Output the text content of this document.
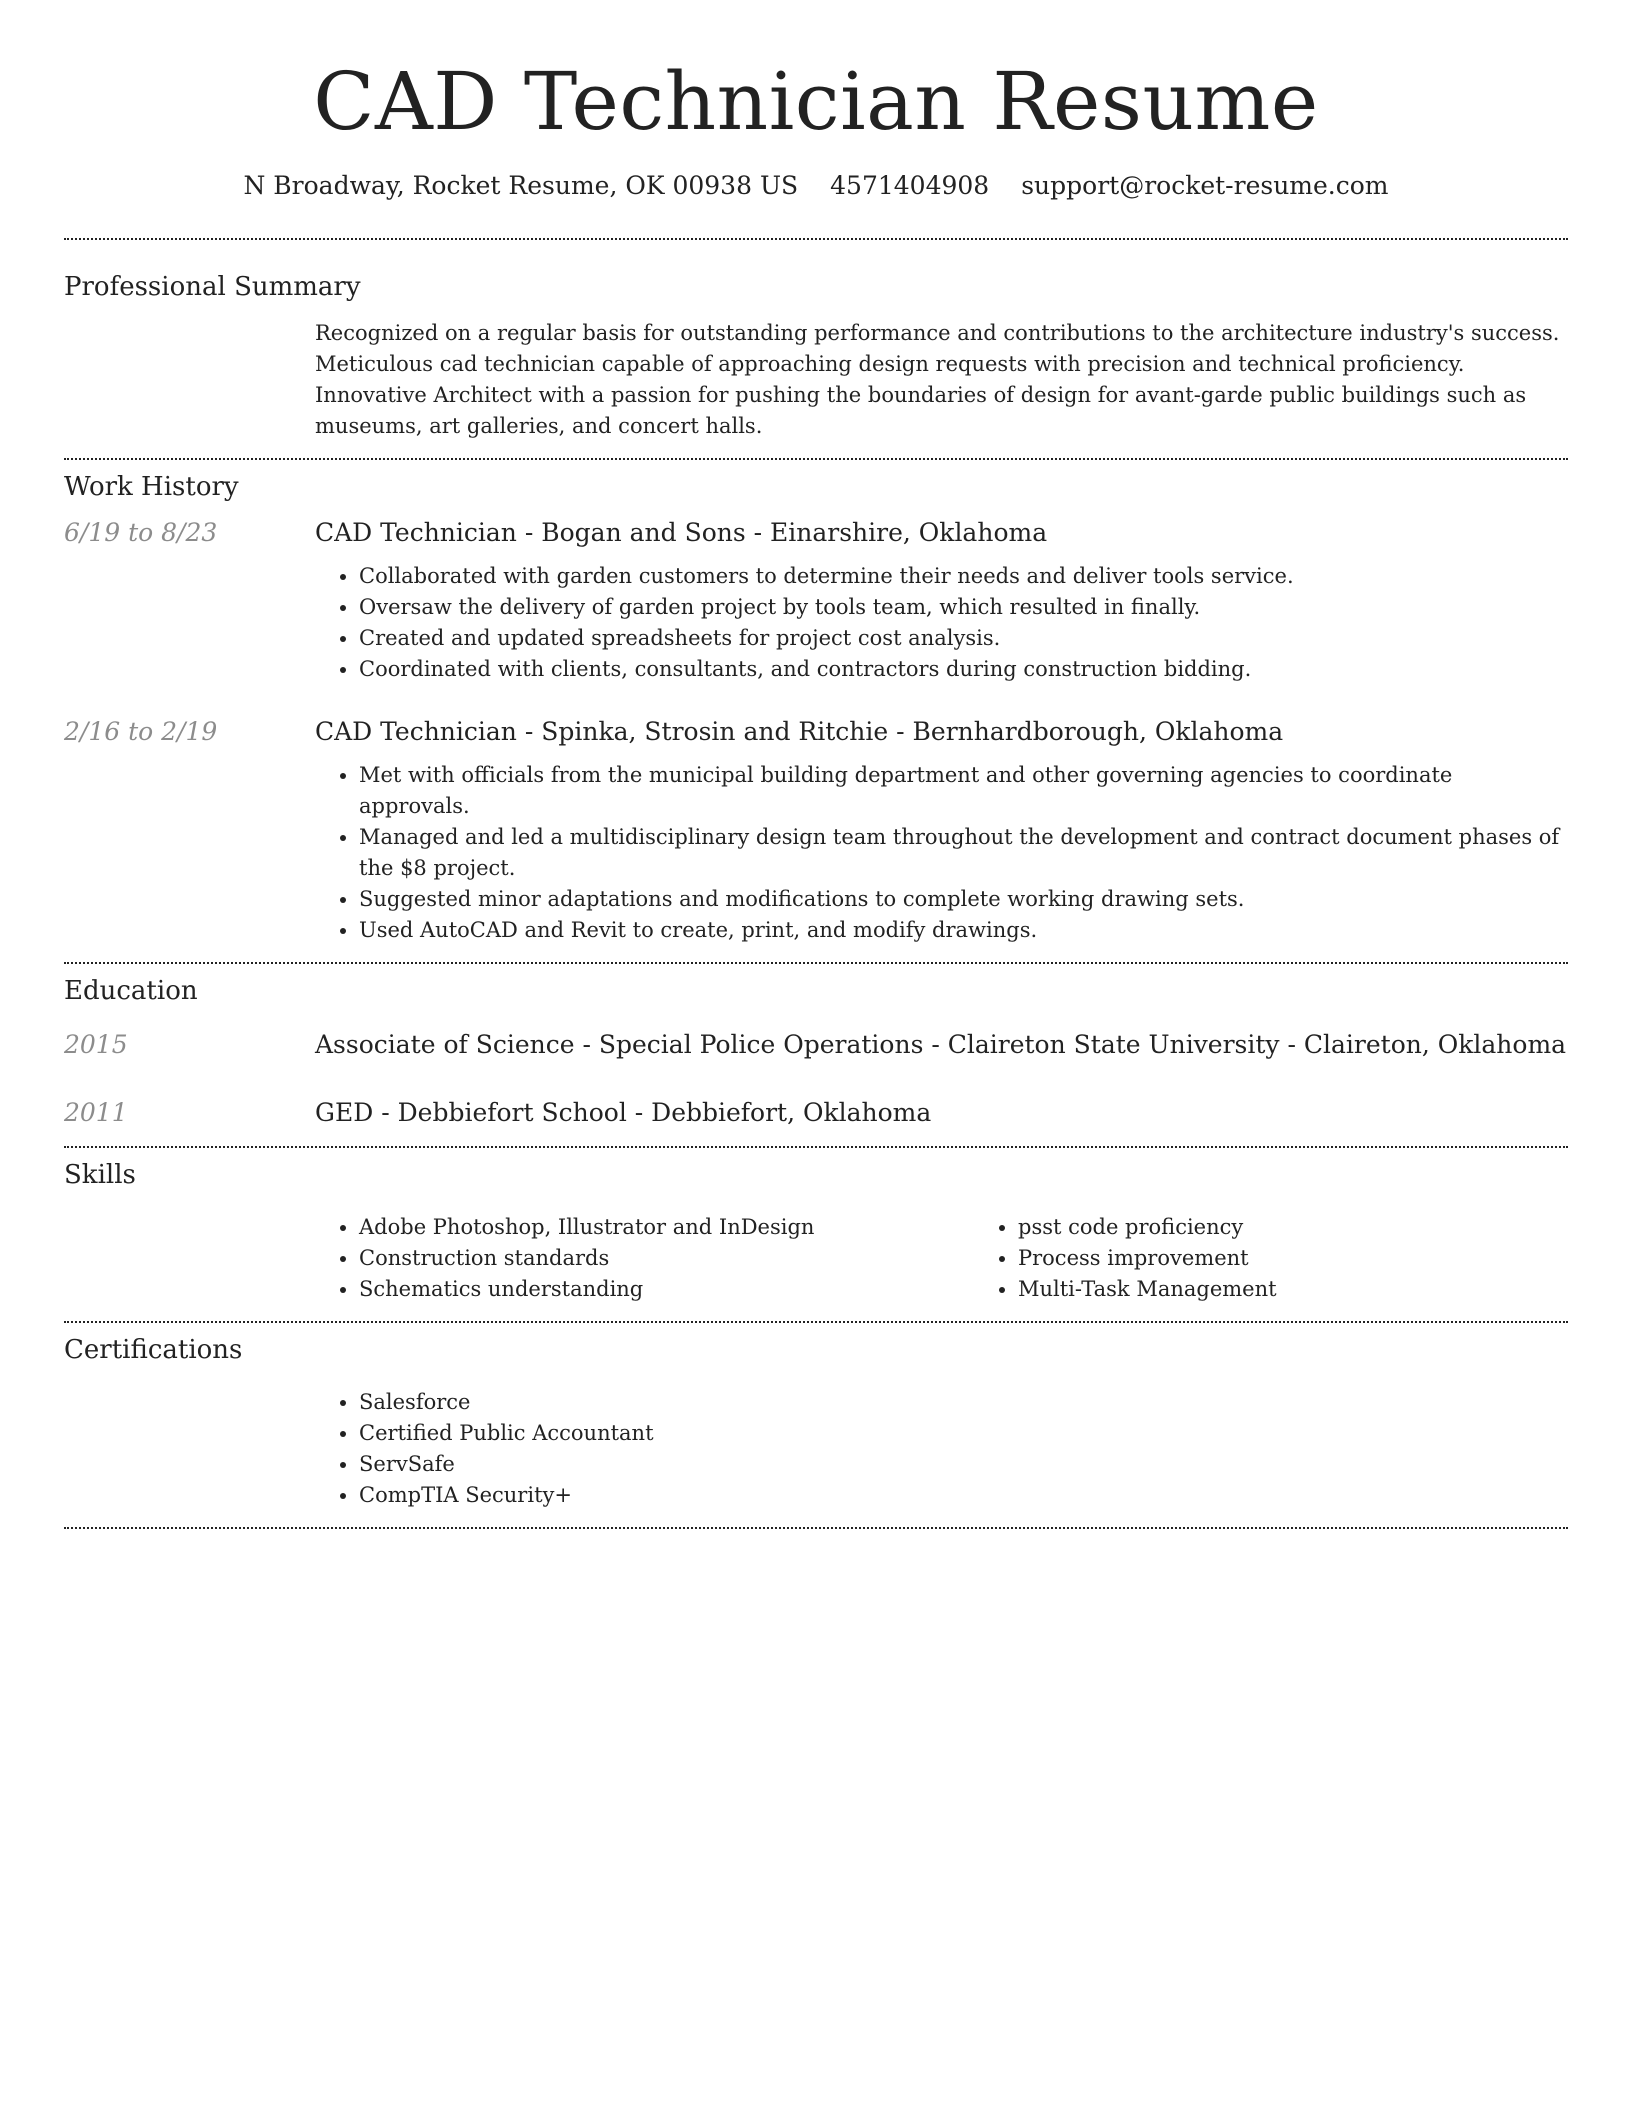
CAD Technician Resume
N Broadway, Rocket Resume, OK 00938 US 4571404908 support@rocket-resume.com
Professional Summary
Recognized on a regular basis for outstanding performance and contributions to the architecture industry's success. Meticulous cad technician capable of approaching design requests with precision and technical proficiency. Innovative Architect with a passion for pushing the boundaries of design for avant-garde public buildings such as museums, art galleries, and concert halls.
Work History
6/19 to 8/23	CAD Technician - Bogan and Sons - Einarshire, Oklahoma
• Collaborated with garden customers to determine their needs and deliver tools service.
• Oversaw the delivery of garden project by tools team, which resulted in finally.
• Created and updated spreadsheets for project cost analysis.
• Coordinated with clients, consultants, and contractors during construction bidding.
2/16 to 2/19	CAD Technician - Spinka, Strosin and Ritchie - Bernhardborough, Oklahoma
• Met with officials from the municipal building department and other governing agencies to coordinate approvals.
• Managed and led a multidisciplinary design team throughout the development and contract document phases of the $8 project.
• Suggested minor adaptations and modifications to complete working drawing sets.
• Used AutoCAD and Revit to create, print, and modify drawings.
Education
2015	Associate of Science - Special Police Operations - Claireton State University - Claireton, Oklahoma
2011	GED - Debbiefort School - Debbiefort, Oklahoma
Skills
• Adobe Photoshop, Illustrator and InDesign
• Construction standards
• Schematics understanding
• psst code proficiency
• Process improvement
• Multi-Task Management
Certifications
• Salesforce
• Certified Public Accountant
• ServSafe
• CompTIA Security+
